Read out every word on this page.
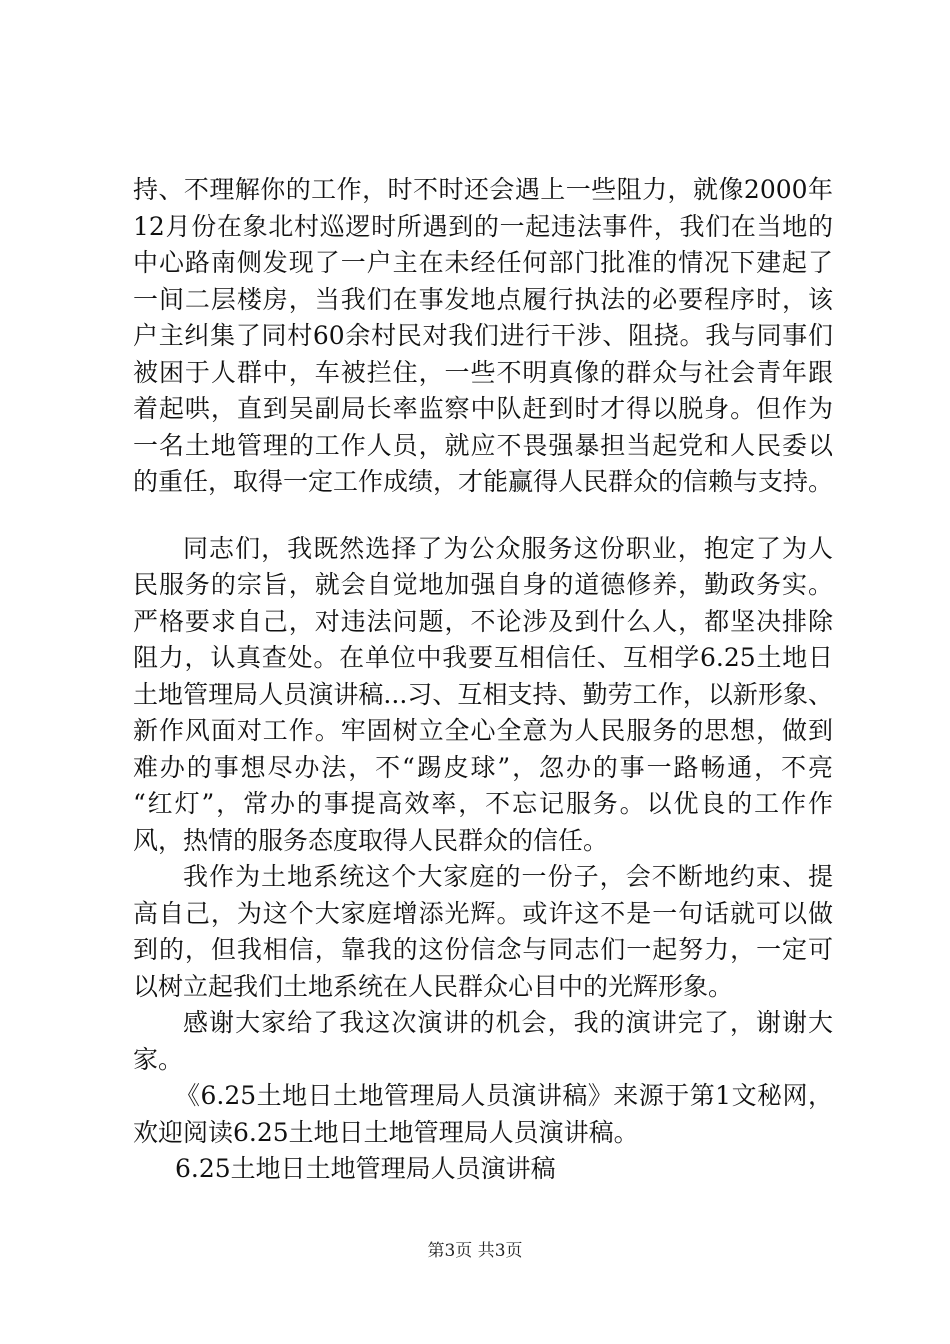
持、不理解你的工作，时不时还会遇上一些阻力，就像2000年
12月份在象北村巡逻时所遇到的一起违法事件，我们在当地的
中心路南侧发现了一户主在未经任何部门批准的情况下建起了
一间二层楼房，当我们在事发地点履行执法的必要程序时，该
户主纠集了同村60余村民对我们进行干涉、阻挠。我与同事们
被困于人群中，车被拦住，一些不明真像的群众与社会青年跟
着起哄，直到吴副局长率监察中队赶到时才得以脱身。但作为
一名土地管理的工作人员，就应不畏强暴担当起党和人民委以
的重任，取得一定工作成绩，才能赢得人民群众的信赖与支持。
同志们，我既然选择了为公众服务这份职业，抱定了为人
民服务的宗旨，就会自觉地加强自身的道德修养，勤政务实。
严格要求自己，对违法问题，不论涉及到什么人，都坚决排除
阻力，认真查处。在单位中我要互相信任、互相学6.25土地日
土地管理局人员演讲稿...习、互相支持、勤劳工作，以新形象、
新作风面对工作。牢固树立全心全意为人民服务的思想，做到
难办的事想尽办法，不“踢皮球”，忽办的事一路畅通，不亮
“红灯”，常办的事提高效率，不忘记服务。以优良的工作作
风，热情的服务态度取得人民群众的信任。
我作为土地系统这个大家庭的一份子，会不断地约束、提
高自己，为这个大家庭增添光辉。或许这不是一句话就可以做
到的，但我相信，靠我的这份信念与同志们一起努力，一定可
以树立起我们土地系统在人民群众心目中的光辉形象。
感谢大家给了我这次演讲的机会，我的演讲完了，谢谢大
家。
《6.25土地日土地管理局人员演讲稿》来源于第1文秘网，
欢迎阅读6.25土地日土地管理局人员演讲稿。
6.25土地日土地管理局人员演讲稿
第3页 共3页
